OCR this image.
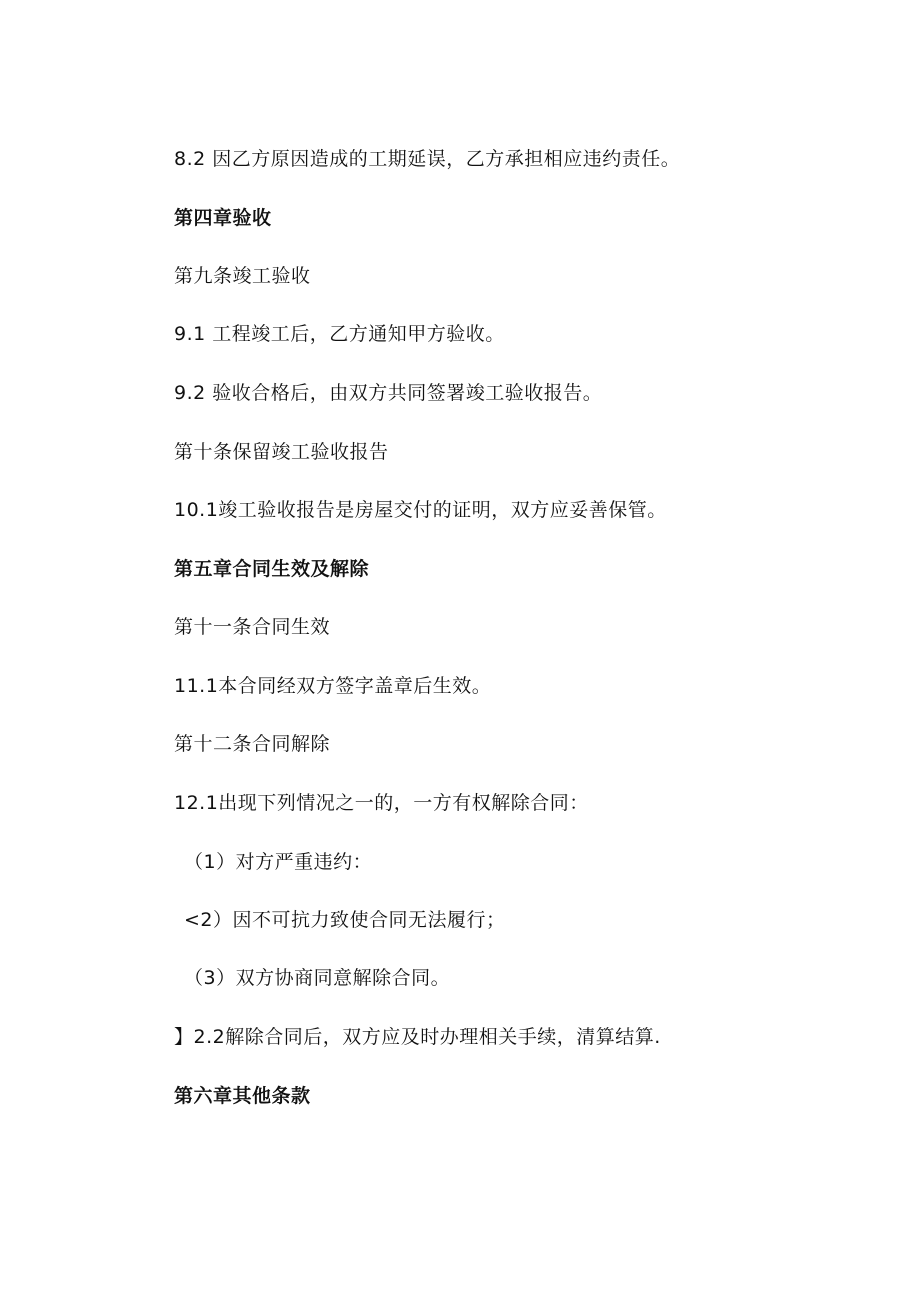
8.2 因乙方原因造成的工期延误，乙方承担相应违约责任。
第四章验收
第九条竣工验收
9.1 工程竣工后，乙方通知甲方验收。
9.2 验收合格后，由双方共同签署竣工验收报告。
第十条保留竣工验收报告
10.1竣工验收报告是房屋交付的证明，双方应妥善保管。
第五章合同生效及解除
第十一条合同生效
11.1本合同经双方签字盖章后生效。
第十二条合同解除
12.1出现下列情况之一的，一方有权解除合同：
（1）对方严重违约：
<2）因不可抗力致使合同无法履行；
（3）双方协商同意解除合同。
】2.2解除合同后，双方应及时办理相关手续，清算结算.
第六章其他条款
